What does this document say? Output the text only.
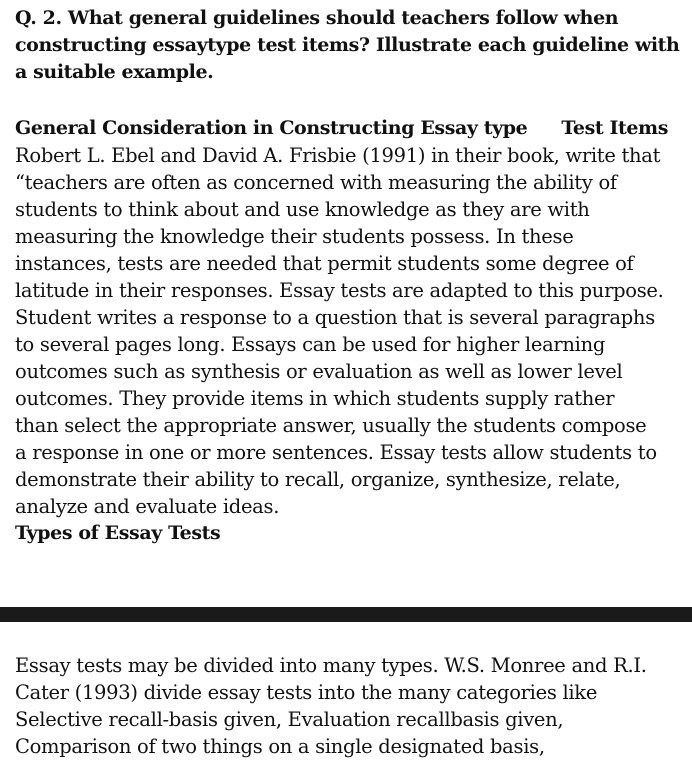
Q. 2. What general guidelines should teachers follow when
constructing essaytype test items? Illustrate each guideline with
a suitable example.
General Consideration in Constructing Essay type Test Items
Robert L. Ebel and David A. Frisbie (1991) in their book, write that
“teachers are often as concerned with measuring the ability of
students to think about and use knowledge as they are with
measuring the knowledge their students possess. In these
instances, tests are needed that permit students some degree of
latitude in their responses. Essay tests are adapted to this purpose.
Student writes a response to a question that is several paragraphs
to several pages long. Essays can be used for higher learning
outcomes such as synthesis or evaluation as well as lower level
outcomes. They provide items in which students supply rather
than select the appropriate answer, usually the students compose
a response in one or more sentences. Essay tests allow students to
demonstrate their ability to recall, organize, synthesize, relate,
analyze and evaluate ideas.
Types of Essay Tests
Essay tests may be divided into many types. W.S. Monree and R.I.
Cater (1993) divide essay tests into the many categories like
Selective recall-basis given, Evaluation recallbasis given,
Comparison of two things on a single designated basis,
